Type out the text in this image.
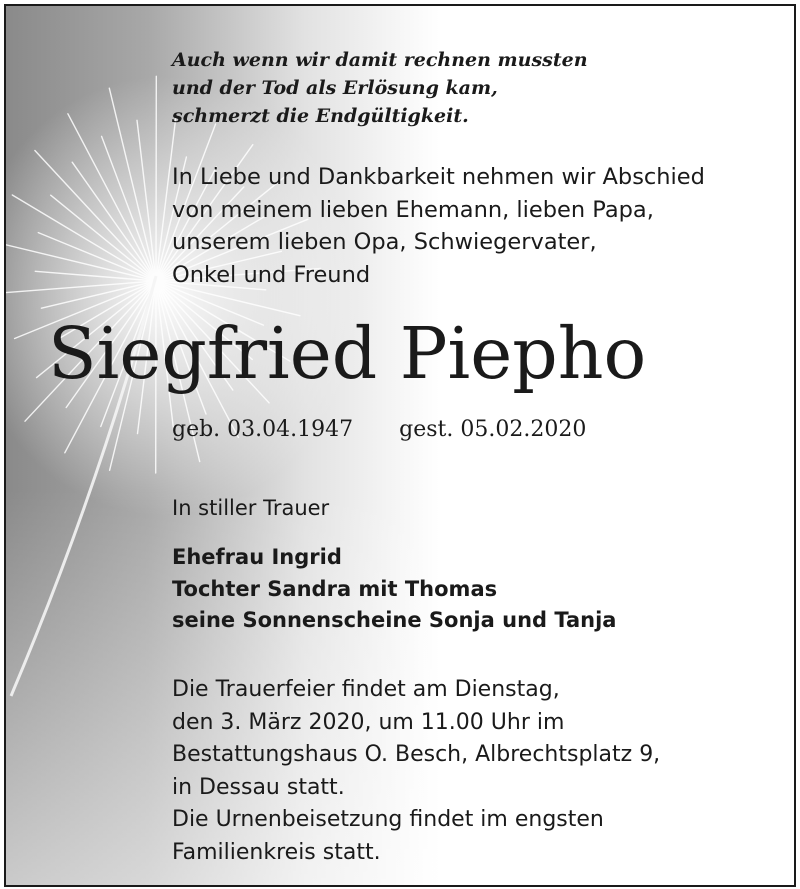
Auch wenn wir damit rechnen mussten
und der Tod als Erlösung kam,
schmerzt die Endgültigkeit.
In Liebe und Dankbarkeit nehmen wir Abschied
von meinem lieben Ehemann, lieben Papa,
unserem lieben Opa, Schwiegervater,
Onkel und Freund
Siegfried Piepho
geb. 03.04.1947 gest. 05.02.2020
In stiller Trauer
Ehefrau Ingrid
Tochter Sandra mit Thomas
seine Sonnenscheine Sonja und Tanja
Die Trauerfeier findet am Dienstag,
den 3. März 2020, um 11.00 Uhr im
Bestattungshaus O. Besch, Albrechtsplatz 9,
in Dessau statt.
Die Urnenbeisetzung findet im engsten
Familienkreis statt.
